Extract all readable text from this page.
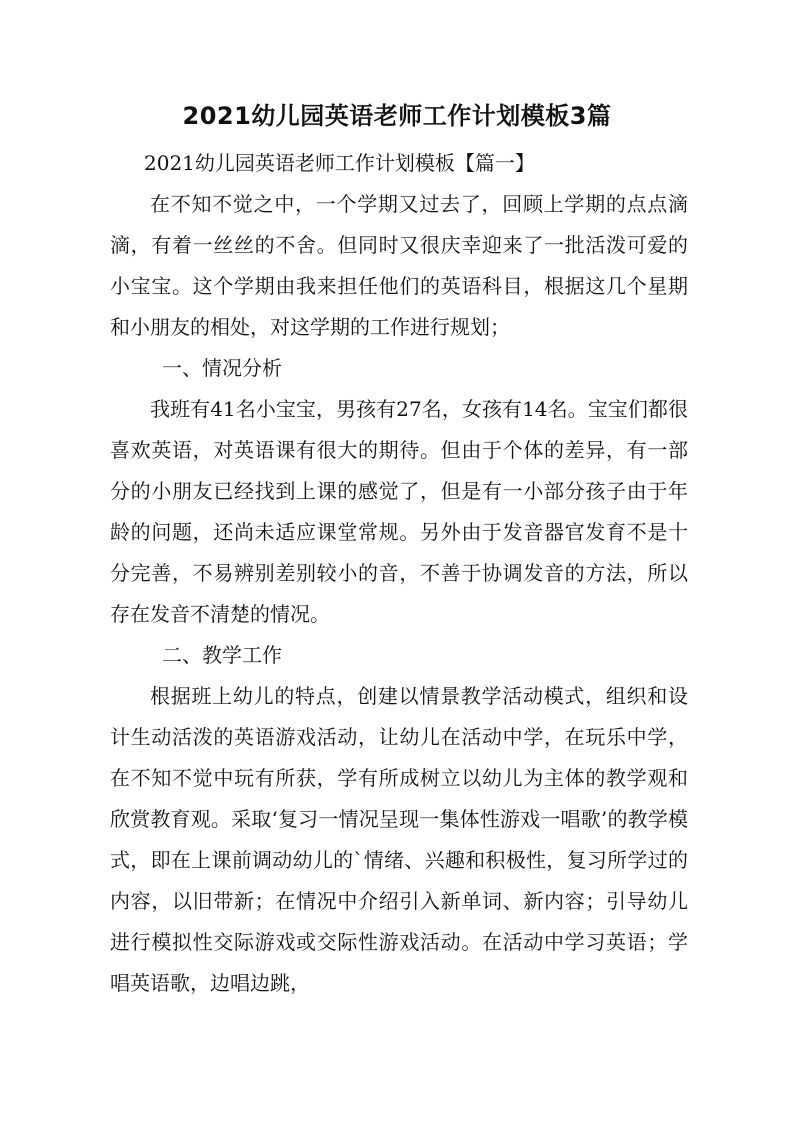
2021幼儿园英语老师工作计划模板3篇

2021幼儿园英语老师工作计划模板【篇一】

在不知不觉之中，一个学期又过去了，回顾上学期的点点滴滴，有着一丝丝的不舍。但同时又很庆幸迎来了一批活泼可爱的小宝宝。这个学期由我来担任他们的英语科目，根据这几个星期和小朋友的相处，对这学期的工作进行规划；

一、情况分析

我班有41名小宝宝，男孩有27名，女孩有14名。宝宝们都很喜欢英语，对英语课有很大的期待。但由于个体的差异，有一部分的小朋友已经找到上课的感觉了，但是有一小部分孩子由于年龄的问题，还尚未适应课堂常规。另外由于发音器官发育不是十分完善，不易辨别差别较小的音，不善于协调发音的方法，所以存在发音不清楚的情况。

二、教学工作

根据班上幼儿的特点，创建以情景教学活动模式，组织和设计生动活泼的英语游戏活动，让幼儿在活动中学，在玩乐中学，在不知不觉中玩有所获，学有所成树立以幼儿为主体的教学观和欣赏教育观。采取‘复习一情况呈现一集体性游戏一唱歌’的教学模式，即在上课前调动幼儿的`情绪、兴趣和积极性，复习所学过的内容，以旧带新；在情况中介绍引入新单词、新内容；引导幼儿进行模拟性交际游戏或交际性游戏活动。在活动中学习英语；学唱英语歌，边唱边跳，
